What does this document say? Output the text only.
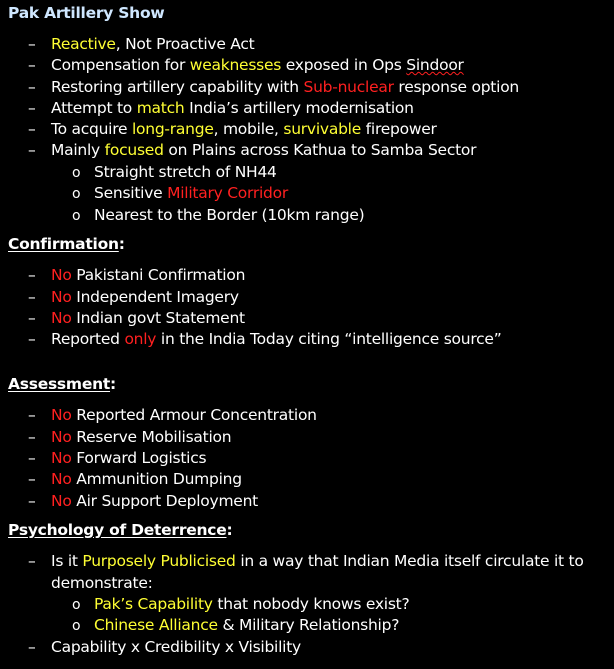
Pak Artillery Show
– Reactive, Not Proactive Act
– Compensation for weaknesses exposed in Ops Sindoor
– Restoring artillery capability with Sub-nuclear response option
– Attempt to match India’s artillery modernisation
– To acquire long-range, mobile, survivable firepower
– Mainly focused on Plains across Kathua to Samba Sector
o Straight stretch of NH44
o Sensitive Military Corridor
o Nearest to the Border (10km range)
Confirmation:
– No Pakistani Confirmation
– No Independent Imagery
– No Indian govt Statement
– Reported only in the India Today citing “intelligence source”
Assessment:
– No Reported Armour Concentration
– No Reserve Mobilisation
– No Forward Logistics
– No Ammunition Dumping
– No Air Support Deployment
Psychology of Deterrence:
– Is it Purposely Publicised in a way that Indian Media itself circulate it to
demonstrate:
o Pak’s Capability that nobody knows exist?
o Chinese Alliance & Military Relationship?
– Capability x Credibility x Visibility
